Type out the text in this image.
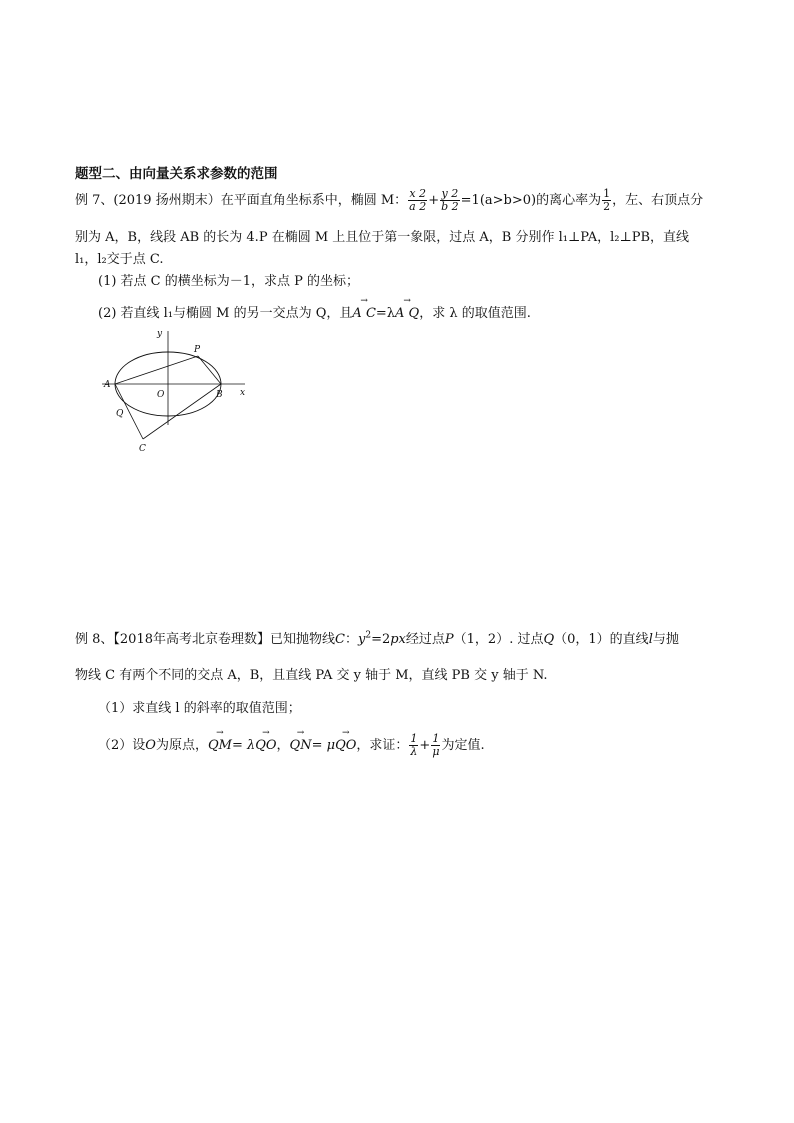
题型二、由向量关系求参数的范围
例 7、(2019 扬州期末）在平面直角坐标系中，椭圆 M： $\frac{x 2}{a 2} + \frac{y 2}{b 2} =1(a>b>0)$的离心率为 $\frac{1}{2}$ ，左、右顶点分
别为 A，B，线段 AB 的长为 4.P 在椭圆 M 上且位于第一象限，过点 A，B 分别作 l₁⊥PA，l₂⊥PB，直线
l₁，l₂交于点 C.
(1) 若点 C 的横坐标为－1，求点 P 的坐标；
(2) 若直线 l₁与椭圆 M 的另一交点为 Q，且→ A C=λ→ A Q，求 λ 的取值范围.
y
x
A
B
O
P
Q
C
例 8、【2018年高考北京卷理数】已知抛物线C：$y^2=2px$经过点P（1，2）. 过点Q（0，1）的直线l与抛
物线 C 有两个不同的交点 A，B，且直线 PA 交 y 轴于 M，直线 PB 交 y 轴于 N.
（1）求直线 l 的斜率的取值范围；
（2）设O为原点，→ QM= λ→ QO，→ QN= μ→ QO，求证： $\frac{1}{\lambda} + \frac{1}{\mu}$ 为定值.
